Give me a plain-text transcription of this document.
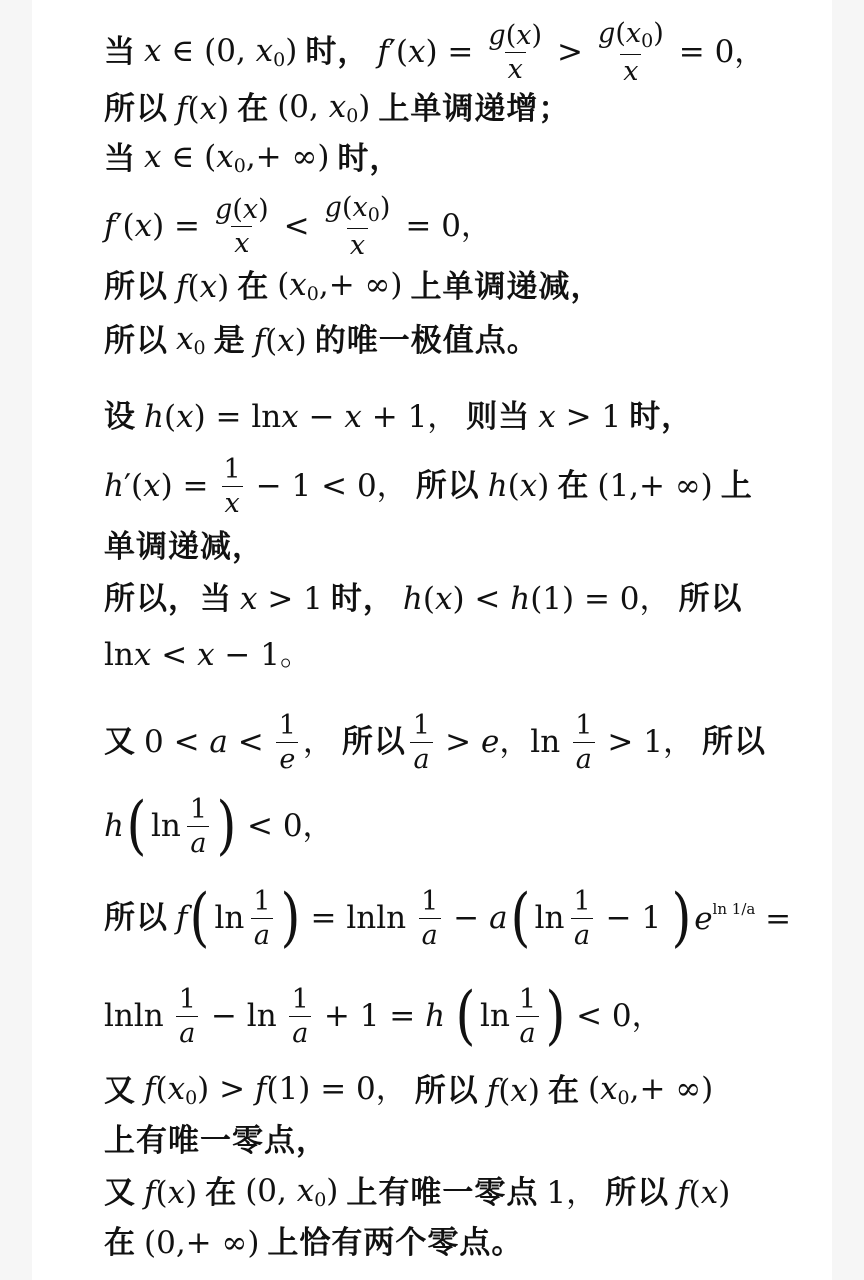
当 x ∈ (0, $x_0$) 时， $f'(x) = \frac{g(x)}{x} > \frac{g(x_0)}{x} = 0$，
所以 f(x) 在 (0, $x_0$) 上单调递增；
当 x ∈ ($x_0,+$ ∞) 时，
$f'(x) = \frac{g(x)}{x} < \frac{g(x_0)}{x} = 0$，
所以 f(x) 在 ($x_0,+$ ∞) 上单调递减，
所以 $x_0$ 是 f(x) 的唯一极值点。
设 h(x) = lnx − x + 1， 则当 x > 1 时，
$h'(x) = \frac{1}{x} - 1 < 0$， 所以 h(x) 在 (1,+ ∞) 上
单调递减，
所以，当 x > 1 时， h(x) < h(1) = 0， 所以
lnx < x − 1。
又 $0 < a < \frac{1}{e}$ ， 所以 $\frac{1}{a} > e$，$\ln \frac{1}{a} > 1$， 所以
h ( $\ln \frac{1}{a}$ ) < 0，
所以 f ( $\ln \frac{1}{a}$ ) = lnln $\frac{1}{a} - a$ ( $\ln \frac{1}{a} - 1$ ) $e^{ln 1/a}$ =
lnln $\frac{1}{a} - \ln \frac{1}{a} + 1 = h$ ( $\ln \frac{1}{a}$ ) < 0，
又 $f(x_0) > f(1) = 0$， 所以 f(x) 在 ($x_0,+$ ∞)
上有唯一零点，
又 f(x) 在 (0, $x_0$) 上有唯一零点 1， 所以 f(x)
在 (0,+ ∞) 上恰有两个零点。
